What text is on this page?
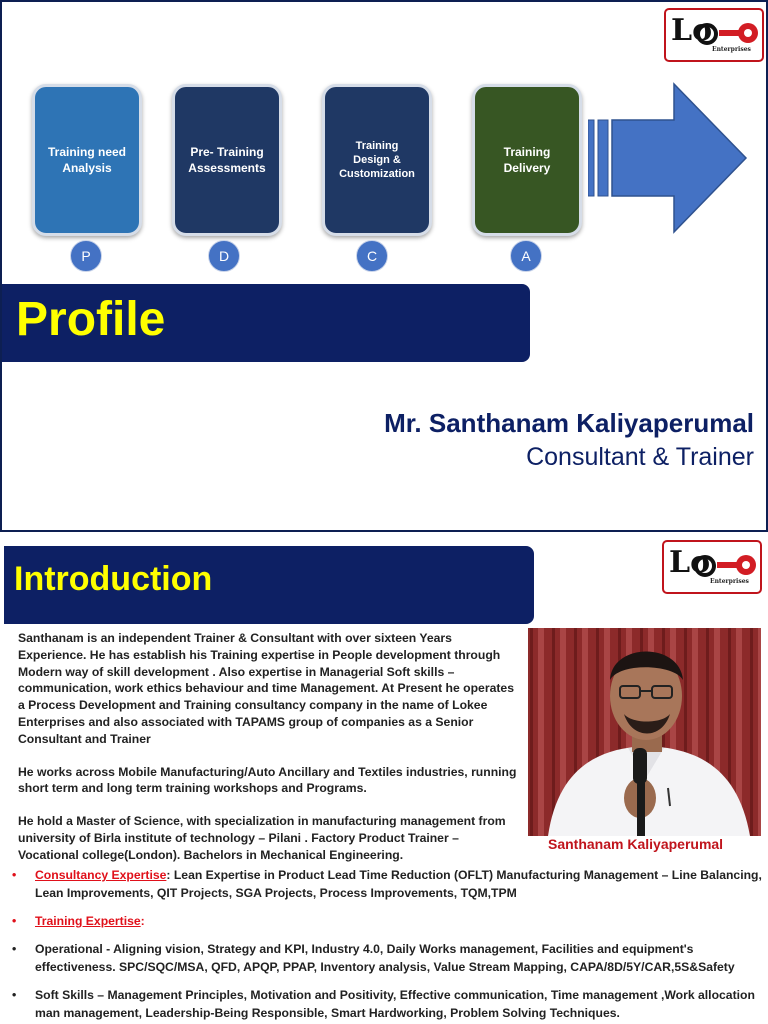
Lo
Enterprises
Training need Analysis
Pre- Training Assessments
Training Design & Customization
Training Delivery
P	D	C	A
Profile
Mr. Santhanam Kaliyaperumal
Consultant & Trainer
Lo
Enterprises
Introduction

Santhanam is an independent Trainer & Consultant with over sixteen Years Experience. He has establish his Training expertise in People development through Modern way of skill development . Also expertise in Managerial Soft skills – communication, work ethics behaviour and time Management. At Present he operates a Process Development and Training consultancy company in the name of Lokee Enterprises and also associated with TAPAMS group of companies as a Senior Consultant and Trainer

He works across Mobile Manufacturing/Auto Ancillary and Textiles industries, running short term and long term training workshops and Programs.

He hold a Master of Science, with specialization in manufacturing management from university of Birla institute of technology – Pilani . Factory Product Trainer – Vocational college(London). Bachelors in Mechanical Engineering.

Santhanam Kaliyaperumal
• Consultancy Expertise: Lean Expertise in Product Lead Time Reduction (OFLT) Manufacturing Management – Line Balancing, Lean Improvements, QIT Projects, SGA Projects, Process Improvements, TQM,TPM
• Training Expertise:
• Operational - Aligning vision, Strategy and KPI, Industry 4.0, Daily Works management, Facilities and equipment's effectiveness. SPC/SQC/MSA, QFD, APQP, PPAP, Inventory analysis, Value Stream Mapping, CAPA/8D/5Y/CAR,5S&Safety
• Soft Skills – Management Principles, Motivation and Positivity, Effective communication, Time management ,Work allocation man management, Leadership-Being Responsible, Smart Hardworking, Problem Solving Techniques.
